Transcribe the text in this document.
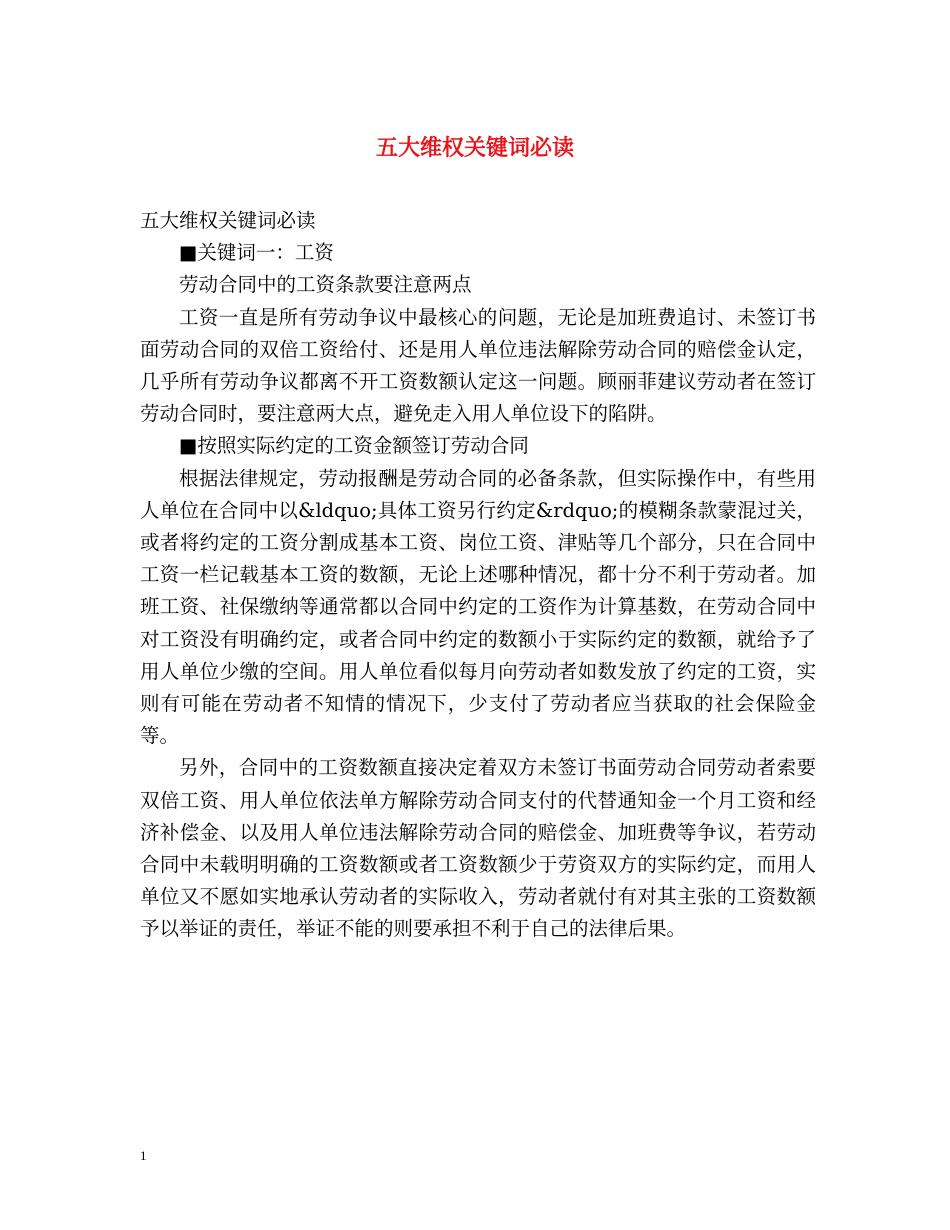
五大维权关键词必读

五大维权关键词必读

■关键词一：工资

劳动合同中的工资条款要注意两点

工资一直是所有劳动争议中最核心的问题，无论是加班费追讨、未签订书面劳动合同的双倍工资给付、还是用人单位违法解除劳动合同的赔偿金认定，几乎所有劳动争议都离不开工资数额认定这一问题。顾丽菲建议劳动者在签订劳动合同时，要注意两大点，避免走入用人单位设下的陷阱。

■按照实际约定的工资金额签订劳动合同

根据法律规定，劳动报酬是劳动合同的必备条款，但实际操作中，有些用人单位在合同中以&ldquo;具体工资另行约定&rdquo;的模糊条款蒙混过关，或者将约定的工资分割成基本工资、岗位工资、津贴等几个部分，只在合同中工资一栏记载基本工资的数额，无论上述哪种情况，都十分不利于劳动者。加班工资、社保缴纳等通常都以合同中约定的工资作为计算基数，在劳动合同中对工资没有明确约定，或者合同中约定的数额小于实际约定的数额，就给予了用人单位少缴的空间。用人单位看似每月向劳动者如数发放了约定的工资，实则有可能在劳动者不知情的情况下，少支付了劳动者应当获取的社会保险金等。

另外，合同中的工资数额直接决定着双方未签订书面劳动合同劳动者索要双倍工资、用人单位依法单方解除劳动合同支付的代替通知金一个月工资和经济补偿金、以及用人单位违法解除劳动合同的赔偿金、加班费等争议，若劳动合同中未载明明确的工资数额或者工资数额少于劳资双方的实际约定，而用人单位又不愿如实地承认劳动者的实际收入，劳动者就付有对其主张的工资数额予以举证的责任，举证不能的则要承担不利于自己的法律后果。

1
